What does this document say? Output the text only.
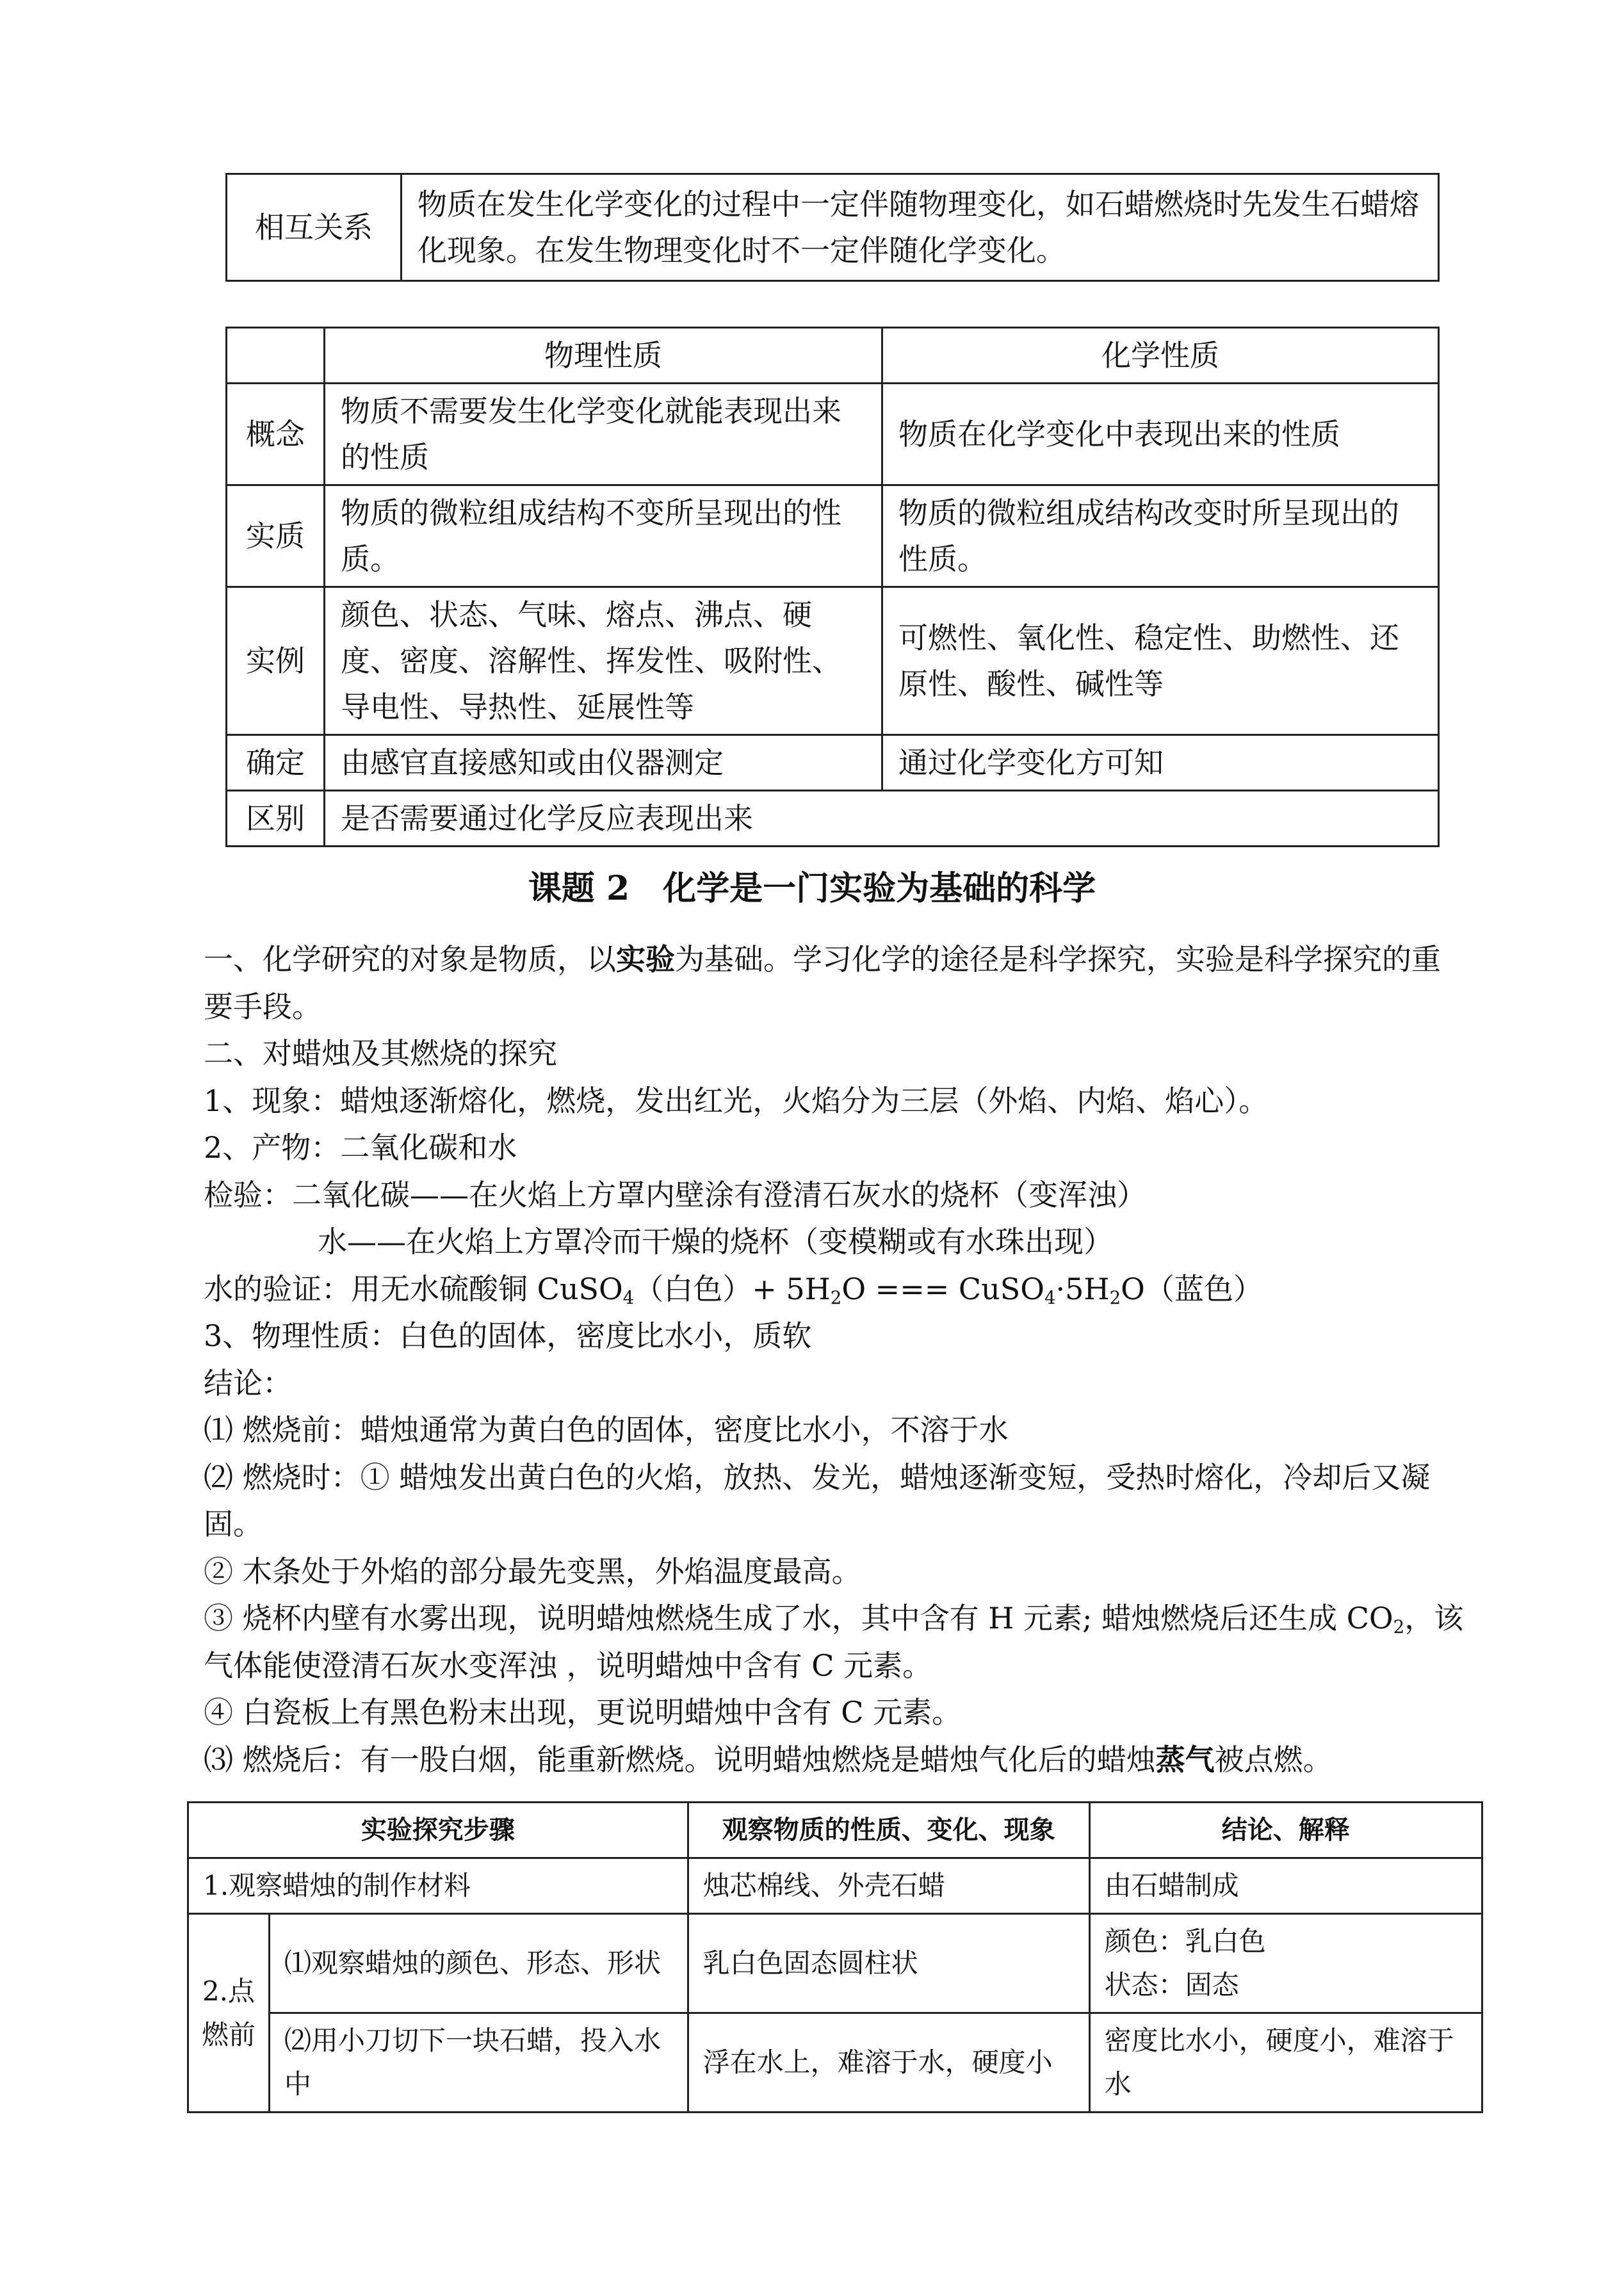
相互关系	物质在发生化学变化的过程中一定伴随物理变化，如石蜡燃烧时先发生石蜡熔化现象。在发生物理变化时不一定伴随化学变化。
	物理性质	化学性质
概念	物质不需要发生化学变化就能表现出来的性质	物质在化学变化中表现出来的性质
实质	物质的微粒组成结构不变所呈现出的性质。	物质的微粒组成结构改变时所呈现出的性质。
实例	颜色、状态、气味、熔点、沸点、硬度、密度、溶解性、挥发性、吸附性、导电性、导热性、延展性等	可燃性、氧化性、稳定性、助燃性、还原性、酸性、碱性等
确定	由感官直接感知或由仪器测定	通过化学变化方可知
区别	是否需要通过化学反应表现出来	
课题 2　化学是一门实验为基础的科学

一、化学研究的对象是物质，以实验为基础。学习化学的途径是科学探究，实验是科学探究的重要手段。

二、对蜡烛及其燃烧的探究

1、现象：蜡烛逐渐熔化，燃烧，发出红光，火焰分为三层（外焰、内焰、焰心）。

2、产物：二氧化碳和水

检验：二氧化碳——在火焰上方罩内壁涂有澄清石灰水的烧杯（变浑浊）

水——在火焰上方罩冷而干燥的烧杯（变模糊或有水珠出现）

水的验证：用无水硫酸铜 CuSO$_4$（白色）+ $5H_2O$ === $CuSO_4\cdot 5H_2O$（蓝色）

3、物理性质：白色的固体，密度比水小，质软

结论：

⑴ 燃烧前：蜡烛通常为黄白色的固体，密度比水小，不溶于水

⑵ 燃烧时：① 蜡烛发出黄白色的火焰，放热、发光，蜡烛逐渐变短，受热时熔化，冷却后又凝固。

② 木条处于外焰的部分最先变黑，外焰温度最高。

③ 烧杯内壁有水雾出现，说明蜡烛燃烧生成了水，其中含有 H 元素; 蜡烛燃烧后还生成 $CO_2$，该气体能使澄清石灰水变浑浊 ，说明蜡烛中含有 C 元素。

④ 白瓷板上有黑色粉末出现，更说明蜡烛中含有 C 元素。

⑶ 燃烧后：有一股白烟，能重新燃烧。说明蜡烛燃烧是蜡烛气化后的蜡烛蒸气被点燃。

实验探究步骤		观察物质的性质、变化、现象	结论、解释
1.观察蜡烛的制作材料		烛芯棉线、外壳石蜡	由石蜡制成
2.点燃前	⑴观察蜡烛的颜色、形态、形状	乳白色固态圆柱状	颜色：乳白色
状态：固态

	⑵用小刀切下一块石蜡，投入水中	浮在水上，难溶于水，硬度小	密度比水小，硬度小，难溶于水
